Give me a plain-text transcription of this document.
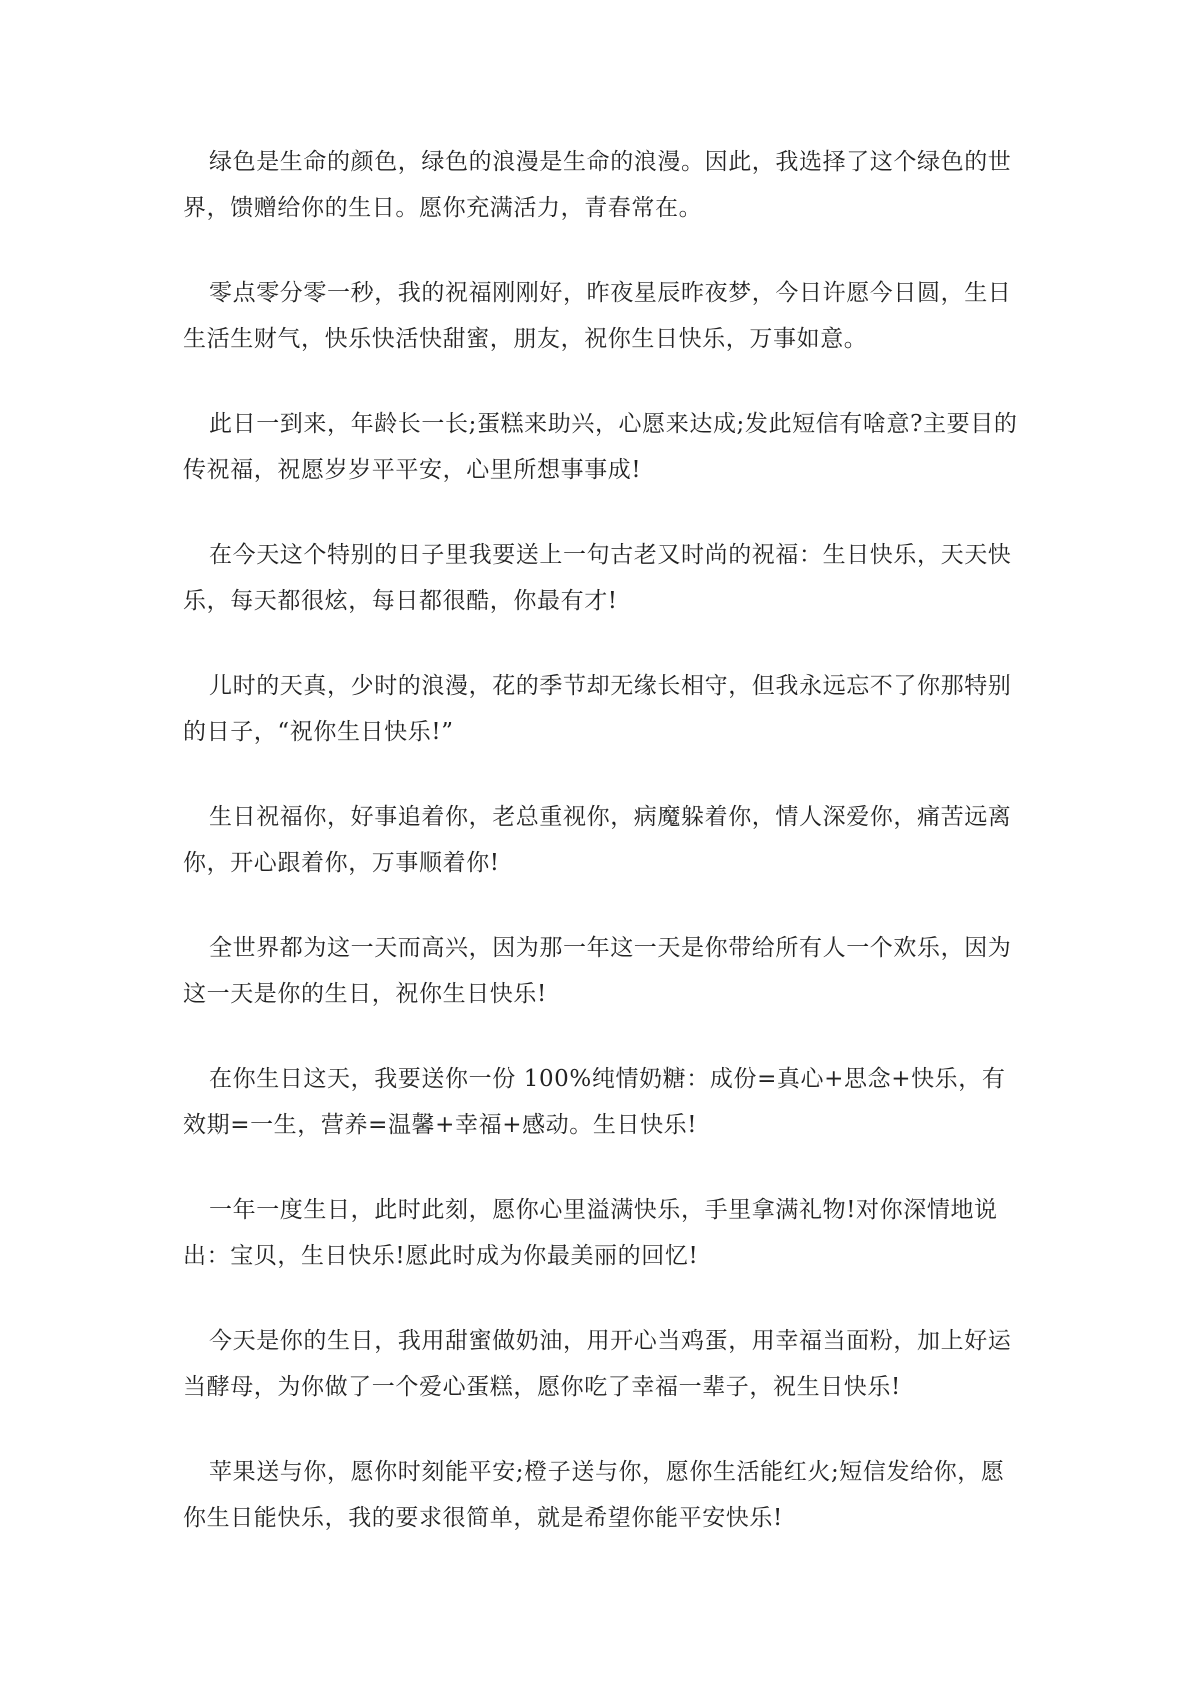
绿色是生命的颜色，绿色的浪漫是生命的浪漫。因此，我选择了这个绿色的世界，馈赠给你的生日。愿你充满活力，青春常在。

零点零分零一秒，我的祝福刚刚好，昨夜星辰昨夜梦，今日许愿今日圆，生日生活生财气，快乐快活快甜蜜，朋友，祝你生日快乐，万事如意。

此日一到来，年龄长一长;蛋糕来助兴，心愿来达成;发此短信有啥意?主要目的传祝福，祝愿岁岁平平安，心里所想事事成!

在今天这个特别的日子里我要送上一句古老又时尚的祝福：生日快乐，天天快乐，每天都很炫，每日都很酷，你最有才!

儿时的天真，少时的浪漫，花的季节却无缘长相守，但我永远忘不了你那特别的日子，“祝你生日快乐!”

生日祝福你，好事追着你，老总重视你，病魔躲着你，情人深爱你，痛苦远离你，开心跟着你，万事顺着你!

全世界都为这一天而高兴，因为那一年这一天是你带给所有人一个欢乐，因为这一天是你的生日，祝你生日快乐!

在你生日这天，我要送你一份 100%纯情奶糖：成份=真心+思念+快乐，有效期=一生，营养=温馨+幸福+感动。生日快乐!

一年一度生日，此时此刻，愿你心里溢满快乐，手里拿满礼物!对你深情地说出：宝贝，生日快乐!愿此时成为你最美丽的回忆!

今天是你的生日，我用甜蜜做奶油，用开心当鸡蛋，用幸福当面粉，加上好运当酵母，为你做了一个爱心蛋糕，愿你吃了幸福一辈子，祝生日快乐!

苹果送与你，愿你时刻能平安;橙子送与你，愿你生活能红火;短信发给你，愿你生日能快乐，我的要求很简单，就是希望你能平安快乐!
